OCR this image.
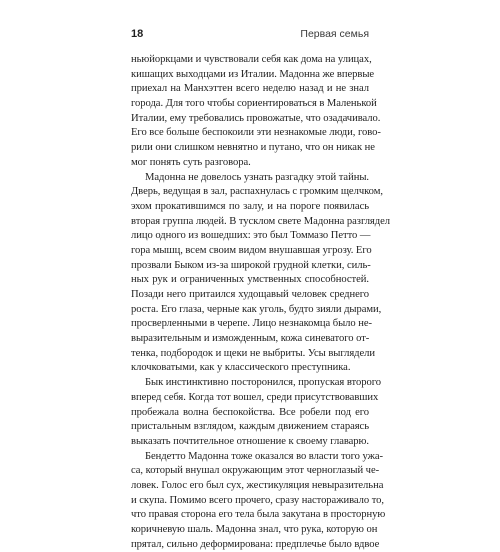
18	Первая семья
ньюйоркцами и чувствовали себя как дома на улицах,
кишащих выходцами из Италии. Мадонна же впервые
приехал на Манхэттен всего неделю назад и не знал
города. Для того чтобы сориентироваться в Маленькой
Италии, ему требовались провожатые, что озадачивало.
Его все больше беспокоили эти незнакомые люди, гово-
рили они слишком невнятно и путано, что он никак не
мог понять суть разговора.
Мадонна не довелось узнать разгадку этой тайны.
Дверь, ведущая в зал, распахнулась с громким щелчком,
эхом прокатившимся по залу, и на пороге появилась
вторая группа людей. В тусклом свете Мадонна разглядел
лицо одного из вошедших: это был Томмазо Петто —
гора мышц, всем своим видом внушавшая угрозу. Его
прозвали Быком из-за широкой грудной клетки, силь-
ных рук и ограниченных умственных способностей.
Позади него притаился худощавый человек среднего
роста. Его глаза, черные как уголь, будто зияли дырами,
просверленными в черепе. Лицо незнакомца было не-
выразительным и изможденным, кожа синеватого от-
тенка, подбородок и щеки не выбриты. Усы выглядели
клочковатыми, как у классического преступника.
Бык инстинктивно посторонился, пропуская второго
вперед себя. Когда тот вошел, среди присутствовавших
пробежала волна беспокойства. Все робели под его
пристальным взглядом, каждым движением стараясь
выказать почтительное отношение к своему главарю.
Бендетто Мадонна тоже оказался во власти того ужа-
са, который внушал окружающим этот черноглазый че-
ловек. Голос его был сух, жестикуляция невыразительна
и скупа. Помимо всего прочего, сразу настораживало то,
что правая сторона его тела была закутана в просторную
коричневую шаль. Мадонна знал, что рука, которую он
прятал, сильно деформирована: предплечье было вдвое
